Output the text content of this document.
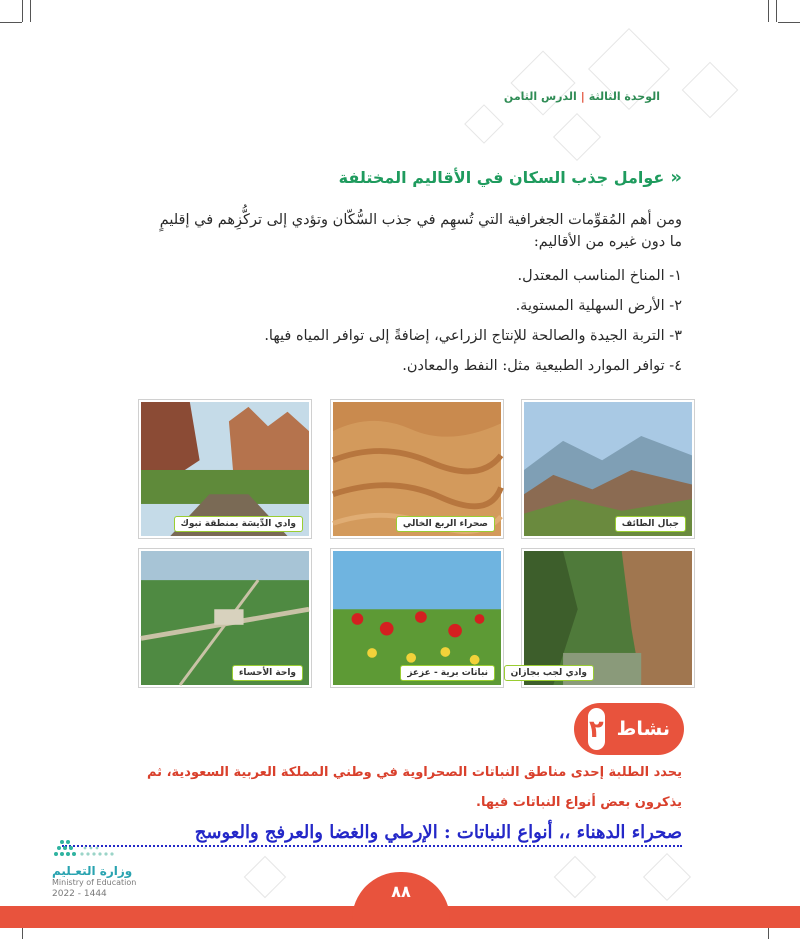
الوحدة الثالثة|الدرس الثامن
«
عوامل جذب السكان في الأقاليم المختلفة
ومن أهم المُقوِّمات الجغرافية التي تُسهِم في جذب السُّكّان وتؤدي إلى تركُّزِهم في إقليمٍ
ما دون غيره من الأقاليم:
١- المناخ المناسب المعتدل.
٢- الأرض السهلية المستوية.
٣- التربة الجيدة والصالحة للإنتاج الزراعي، إضافةً إلى توافر المياه فيها.
٤- توافر الموارد الطبيعية مثل: النفط والمعادن.
جبال الطائف
صحراء الربع الخالي
وادي الدِّيسَة بمنطقة تبوك
وادي لجب بجازان
نباتات برية - عزعز
واحة الأحساء
نشاط
٢
يحدد الطلبة إحدى مناطق النباتات الصحراوية في وطني المملكة العربية السعودية، ثم
يذكرون بعض أنواع النباتات فيها.
صحراء الدهناء ،، أنواع النباتات : الإرطي والغضا والعرفج والعوسج
وزارة التعـليم
Ministry of Education
2022 - 1444	٨٨
